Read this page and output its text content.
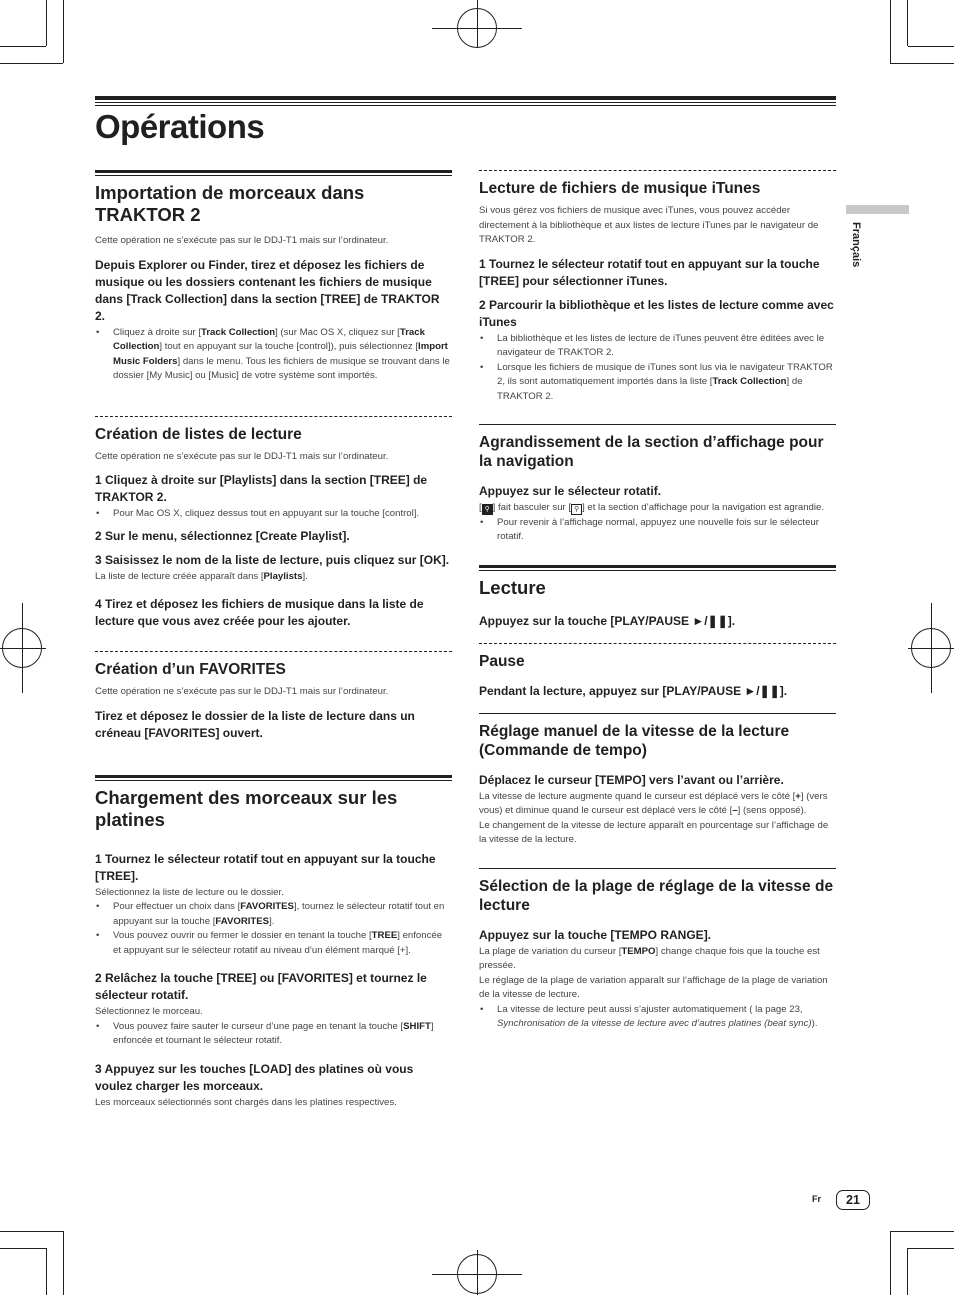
Opérations
Français
Importation de morceaux dans TRAKTOR 2

Cette opération ne s’exécute pas sur le DDJ-T1 mais sur l’ordinateur.

Depuis Explorer ou Finder, tirez et déposez les fichiers de musique ou les dossiers contenant les fichiers de musique dans [Track Collection] dans la section [TREE] de TRAKTOR 2.

• Cliquez à droite sur [Track Collection] (sur Mac OS X, cliquez sur [Track Collection] tout en appuyant sur la touche [control]), puis sélectionnez [Import Music Folders] dans le menu. Tous les fichiers de musique se trouvant dans le dossier [My Music] ou [Music] de votre système sont importés.
Création de listes de lecture

Cette opération ne s’exécute pas sur le DDJ-T1 mais sur l’ordinateur.

1 Cliquez à droite sur [Playlists] dans la section [TREE] de TRAKTOR 2.

• Pour Mac OS X, cliquez dessus tout en appuyant sur la touche [control].

2 Sur le menu, sélectionnez [Create Playlist].

3 Saisissez le nom de la liste de lecture, puis cliquez sur [OK].

La liste de lecture créée apparaît dans [Playlists].

4 Tirez et déposez les fichiers de musique dans la liste de lecture que vous avez créée pour les ajouter.

Création d’un FAVORITES

Cette opération ne s’exécute pas sur le DDJ-T1 mais sur l’ordinateur.

Tirez et déposez le dossier de la liste de lecture dans un créneau [FAVORITES] ouvert.

Chargement des morceaux sur les platines

1 Tournez le sélecteur rotatif tout en appuyant sur la touche [TREE].

Sélectionnez la liste de lecture ou le dossier.

• Pour effectuer un choix dans [FAVORITES], tournez le sélecteur rotatif tout en appuyant sur la touche [FAVORITES].
• Vous pouvez ouvrir ou fermer le dossier en tenant la touche [TREE] enfoncée et appuyant sur le sélecteur rotatif au niveau d’un élément marqué [+].

2 Relâchez la touche [TREE] ou [FAVORITES] et tournez le sélecteur rotatif.

Sélectionnez le morceau.

• Vous pouvez faire sauter le curseur d’une page en tenant la touche [SHIFT] enfoncée et tournant le sélecteur rotatif.

3 Appuyez sur les touches [LOAD] des platines où vous voulez charger les morceaux.

Les morceaux sélectionnés sont chargés dans les platines respectives.

Lecture de fichiers de musique iTunes

Si vous gérez vos fichiers de musique avec iTunes, vous pouvez accéder directement à la bibliothèque et aux listes de lecture iTunes par le navigateur de TRAKTOR 2.

1 Tournez le sélecteur rotatif tout en appuyant sur la touche [TREE] pour sélectionner iTunes.

2 Parcourir la bibliothèque et les listes de lecture comme avec iTunes

• La bibliothèque et les listes de lecture de iTunes peuvent être éditées avec le navigateur de TRAKTOR 2.
• Lorsque les fichiers de musique de iTunes sont lus via le navigateur TRAKTOR 2, ils sont automatiquement importés dans la liste [Track Collection] de TRAKTOR 2.
Agrandissement de la section d’affichage pour la navigation

Appuyez sur le sélecteur rotatif.

[ ⚲ ] fait basculer sur [ ⚲ ] et la section d’affichage pour la navigation est agrandie.

• Pour revenir à l’affichage normal, appuyez une nouvelle fois sur le sélecteur rotatif.
Lecture

Appuyez sur la touche [PLAY/PAUSE ►/❚❚].

Pause

Pendant la lecture, appuyez sur [PLAY/PAUSE ►/❚❚].

Réglage manuel de la vitesse de la lecture (Commande de tempo)

Déplacez le curseur [TEMPO] vers l’avant ou l’arrière.

La vitesse de lecture augmente quand le curseur est déplacé vers le côté [+] (vers vous) et diminue quand le curseur est déplacé vers le côté [–] (sens opposé).

Le changement de la vitesse de lecture apparaît en pourcentage sur l’affichage de la vitesse de la lecture.

Sélection de la plage de réglage de la vitesse de lecture

Appuyez sur la touche [TEMPO RANGE].

La plage de variation du curseur [TEMPO] change chaque fois que la touche est pressée.

Le réglage de la plage de variation apparaît sur l’affichage de la plage de variation de la vitesse de lecture.

• La vitesse de lecture peut aussi s’ajuster automatiquement ( la page 23, Synchronisation de la vitesse de lecture avec d’autres platines (beat sync)).
Fr	21
